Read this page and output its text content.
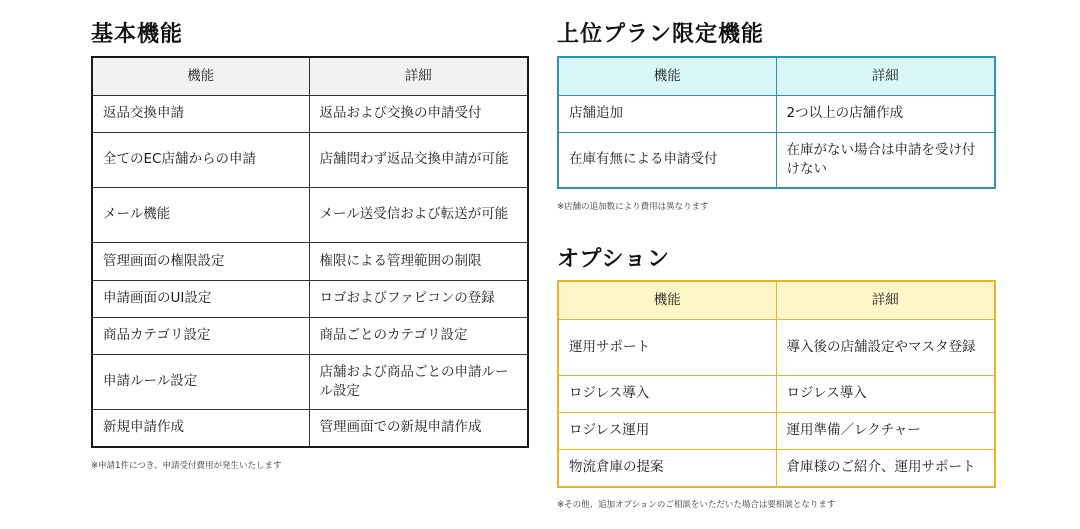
基本機能
機能	詳細
返品交換申請	返品および交換の申請受付
全てのEC店舗からの申請	店舗問わず返品交換申請が可能
メール機能	メール送受信および転送が可能
管理画面の権限設定	権限による管理範囲の制限
申請画面のUI設定	ロゴおよびファビコンの登録
商品カテゴリ設定	商品ごとのカテゴリ設定
申請ルール設定	店舗および商品ごとの申請ルール設定
新規申請作成	管理画面での新規申請作成
※申請1件につき、申請受付費用が発生いたします
上位プラン限定機能
機能	詳細
店舗追加	2つ以上の店舗作成
在庫有無による申請受付	在庫がない場合は申請を受け付けない
※店舗の追加数により費用は異なります
オプション
機能	詳細
運用サポート	導入後の店舗設定やマスタ登録
ロジレス導入	ロジレス導入
ロジレス運用	運用準備／レクチャー
物流倉庫の提案	倉庫様のご紹介、運用サポート
※その他、追加オプションのご相談をいただいた場合は要相談となります
